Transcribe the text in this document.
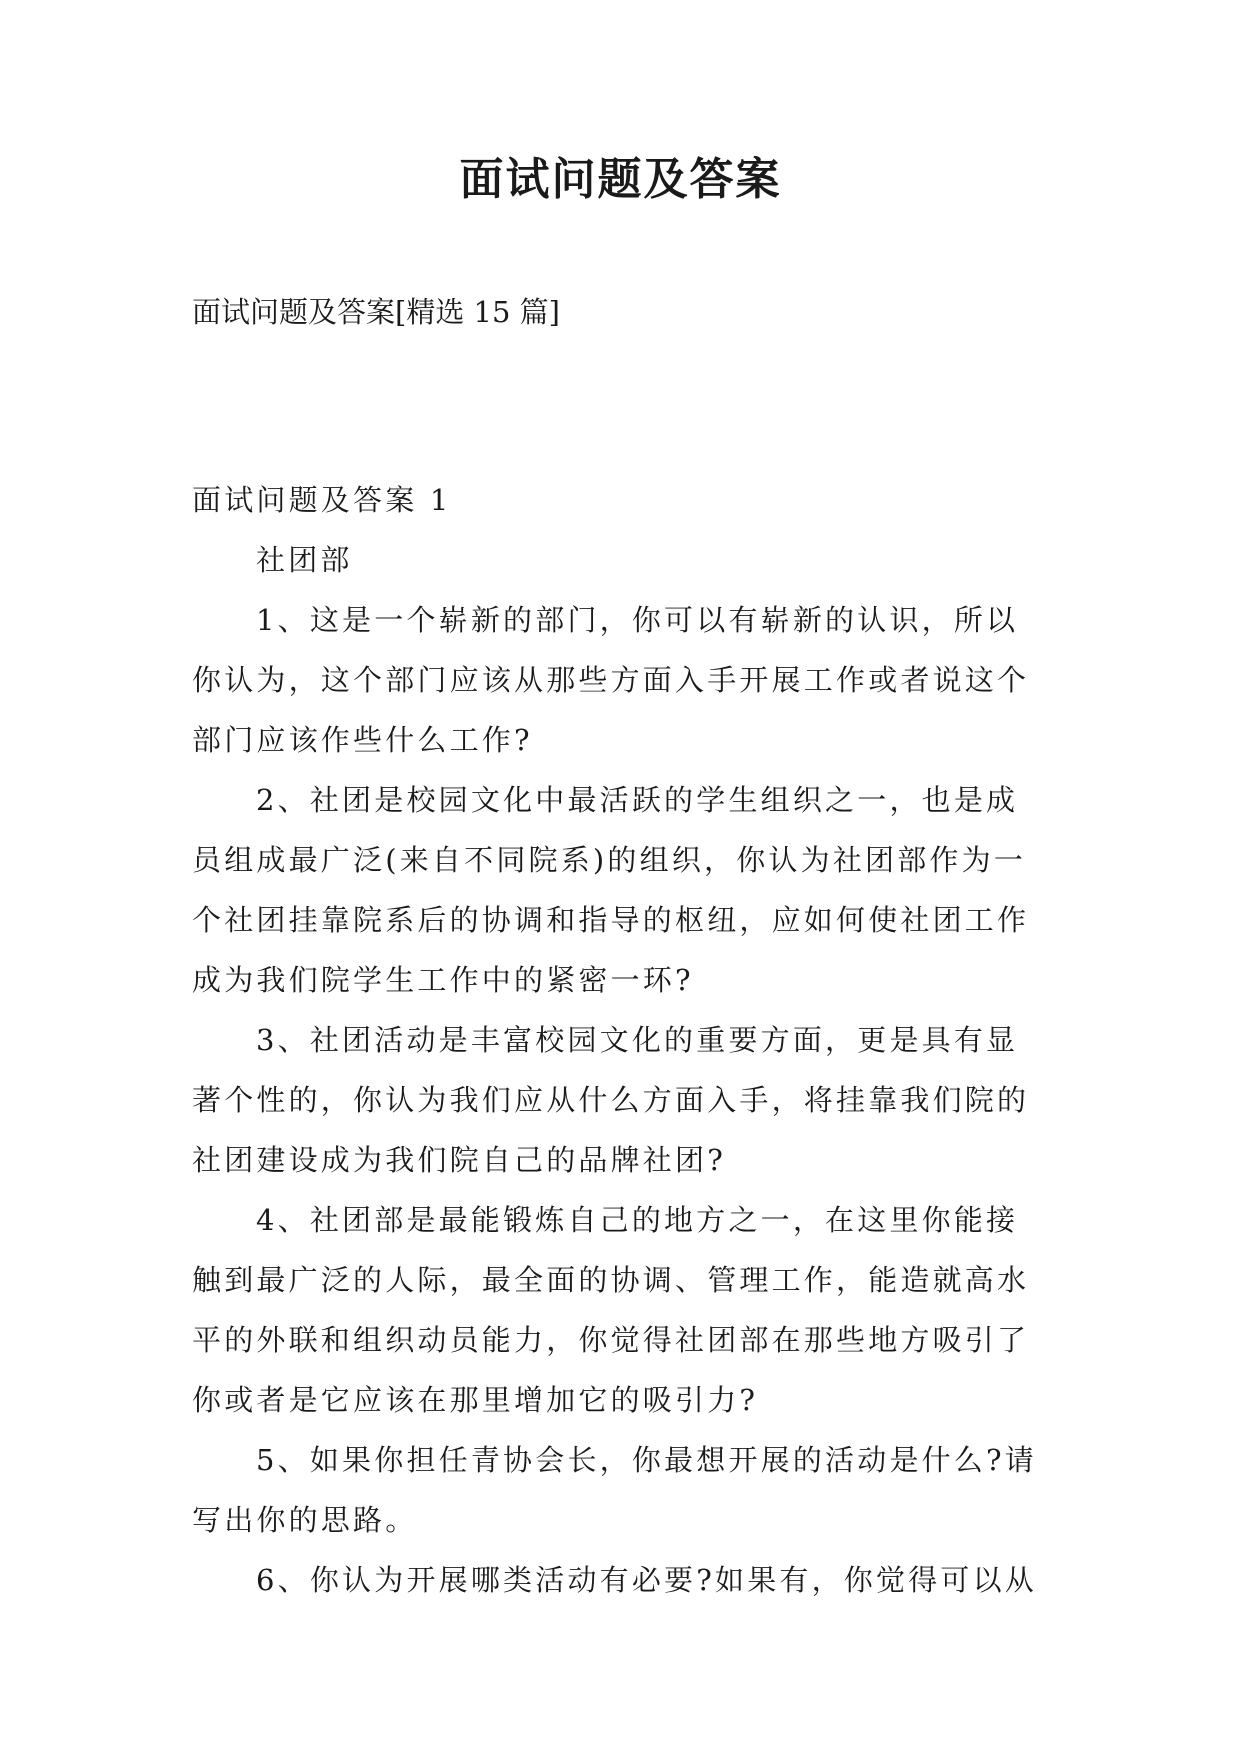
面试问题及答案

面试问题及答案[精选 15 篇]

面试问题及答案 1

社团部

1、这是一个崭新的部门，你可以有崭新的认识，所以
你认为，这个部门应该从那些方面入手开展工作或者说这个
部门应该作些什么工作?

2、社团是校园文化中最活跃的学生组织之一，也是成
员组成最广泛(来自不同院系)的组织，你认为社团部作为一
个社团挂靠院系后的协调和指导的枢纽，应如何使社团工作
成为我们院学生工作中的紧密一环?

3、社团活动是丰富校园文化的重要方面，更是具有显
著个性的，你认为我们应从什么方面入手，将挂靠我们院的
社团建设成为我们院自己的品牌社团?

4、社团部是最能锻炼自己的地方之一，在这里你能接
触到最广泛的人际，最全面的协调、管理工作，能造就高水
平的外联和组织动员能力，你觉得社团部在那些地方吸引了
你或者是它应该在那里增加它的吸引力?

5、如果你担任青协会长，你最想开展的活动是什么?请
写出你的思路。

6、你认为开展哪类活动有必要?如果有，你觉得可以从
